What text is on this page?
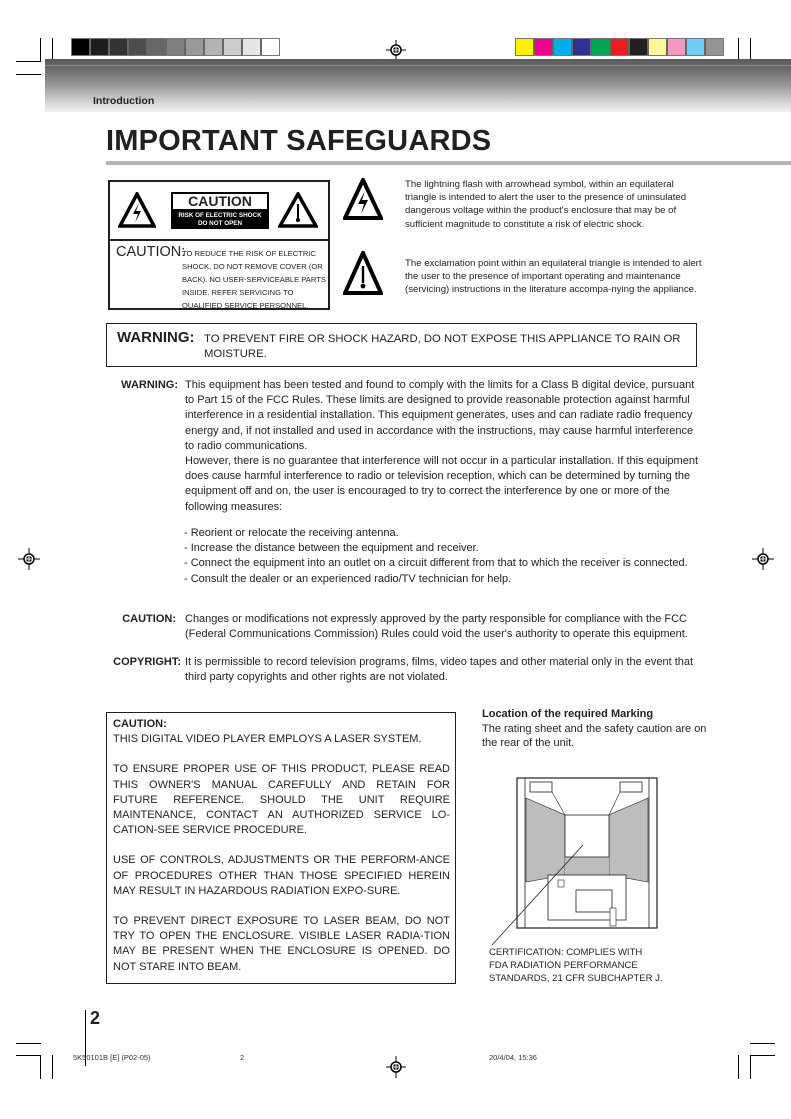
Introduction
IMPORTANT SAFEGUARDS
CAUTION
RISK OF ELECTRIC SHOCK
DO NOT OPEN
CAUTION:
TO REDUCE THE RISK OF ELECTRIC SHOCK, DO NOT REMOVE COVER (OR BACK). NO USER-SERVICEABLE PARTS INSIDE. REFER SERVICING TO QUALIFIED SERVICE PERSONNEL.
The lightning flash with arrowhead symbol, within an equilateral triangle is intended to alert the user to the presence of uninsulated dangerous voltage within the product's enclosure that may be of sufficient magnitude to constitute a risk of electric shock.
The exclamation point within an equilateral triangle is intended to alert the user to the presence of important operating and maintenance (servicing) instructions in the literature accompa-nying the appliance.
WARNING: TO PREVENT FIRE OR SHOCK HAZARD, DO NOT EXPOSE THIS APPLIANCE TO RAIN OR MOISTURE.
WARNING: This equipment has been tested and found to comply with the limits for a Class B digital device, pursuant to Part 15 of the FCC Rules. These limits are designed to provide reasonable protection against harmful interference in a residential installation. This equipment generates, uses and can radiate radio frequency energy and, if not installed and used in accordance with the instructions, may cause harmful interference to radio communications.
However, there is no guarantee that interference will not occur in a particular installation. If this equipment does cause harmful interference to radio or television reception, which can be determined by turning the equipment off and on, the user is encouraged to try to correct the interference by one or more of the following measures:
- Reorient or relocate the receiving antenna.
- Increase the distance between the equipment and receiver.
- Connect the equipment into an outlet on a circuit different from that to which the receiver is connected.
- Consult the dealer or an experienced radio/TV technician for help.
CAUTION: Changes or modifications not expressly approved by the party responsible for compliance with the FCC (Federal Communications Commission) Rules could void the user's authority to operate this equipment.
COPYRIGHT: It is permissible to record television programs, films, video tapes and other material only in the event that third party copyrights and other rights are not violated.

CAUTION:

THIS DIGITAL VIDEO PLAYER EMPLOYS A LASER SYSTEM.

TO ENSURE PROPER USE OF THIS PRODUCT, PLEASE READ THIS OWNER'S MANUAL CAREFULLY AND RETAIN FOR FUTURE REFERENCE. SHOULD THE UNIT REQUIRE MAINTENANCE, CONTACT AN AUTHORIZED SERVICE LO-CATION-SEE SERVICE PROCEDURE.

USE OF CONTROLS, ADJUSTMENTS OR THE PERFORM-ANCE OF PROCEDURES OTHER THAN THOSE SPECIFIED HEREIN MAY RESULT IN HAZARDOUS RADIATION EXPO-SURE.

TO PREVENT DIRECT EXPOSURE TO LASER BEAM, DO NOT TRY TO OPEN THE ENCLOSURE. VISIBLE LASER RADIA-TION MAY BE PRESENT WHEN THE ENCLOSURE IS OPENED. DO NOT STARE INTO BEAM.

Location of the required Marking
The rating sheet and the safety caution are on the rear of the unit.
CERTIFICATION: COMPLIES WITH
FDA RADIATION PERFORMANCE
STANDARDS, 21 CFR SUBCHAPTER J.
2
5K50101B [E] (P02-05)	2	20/4/04, 15:36
